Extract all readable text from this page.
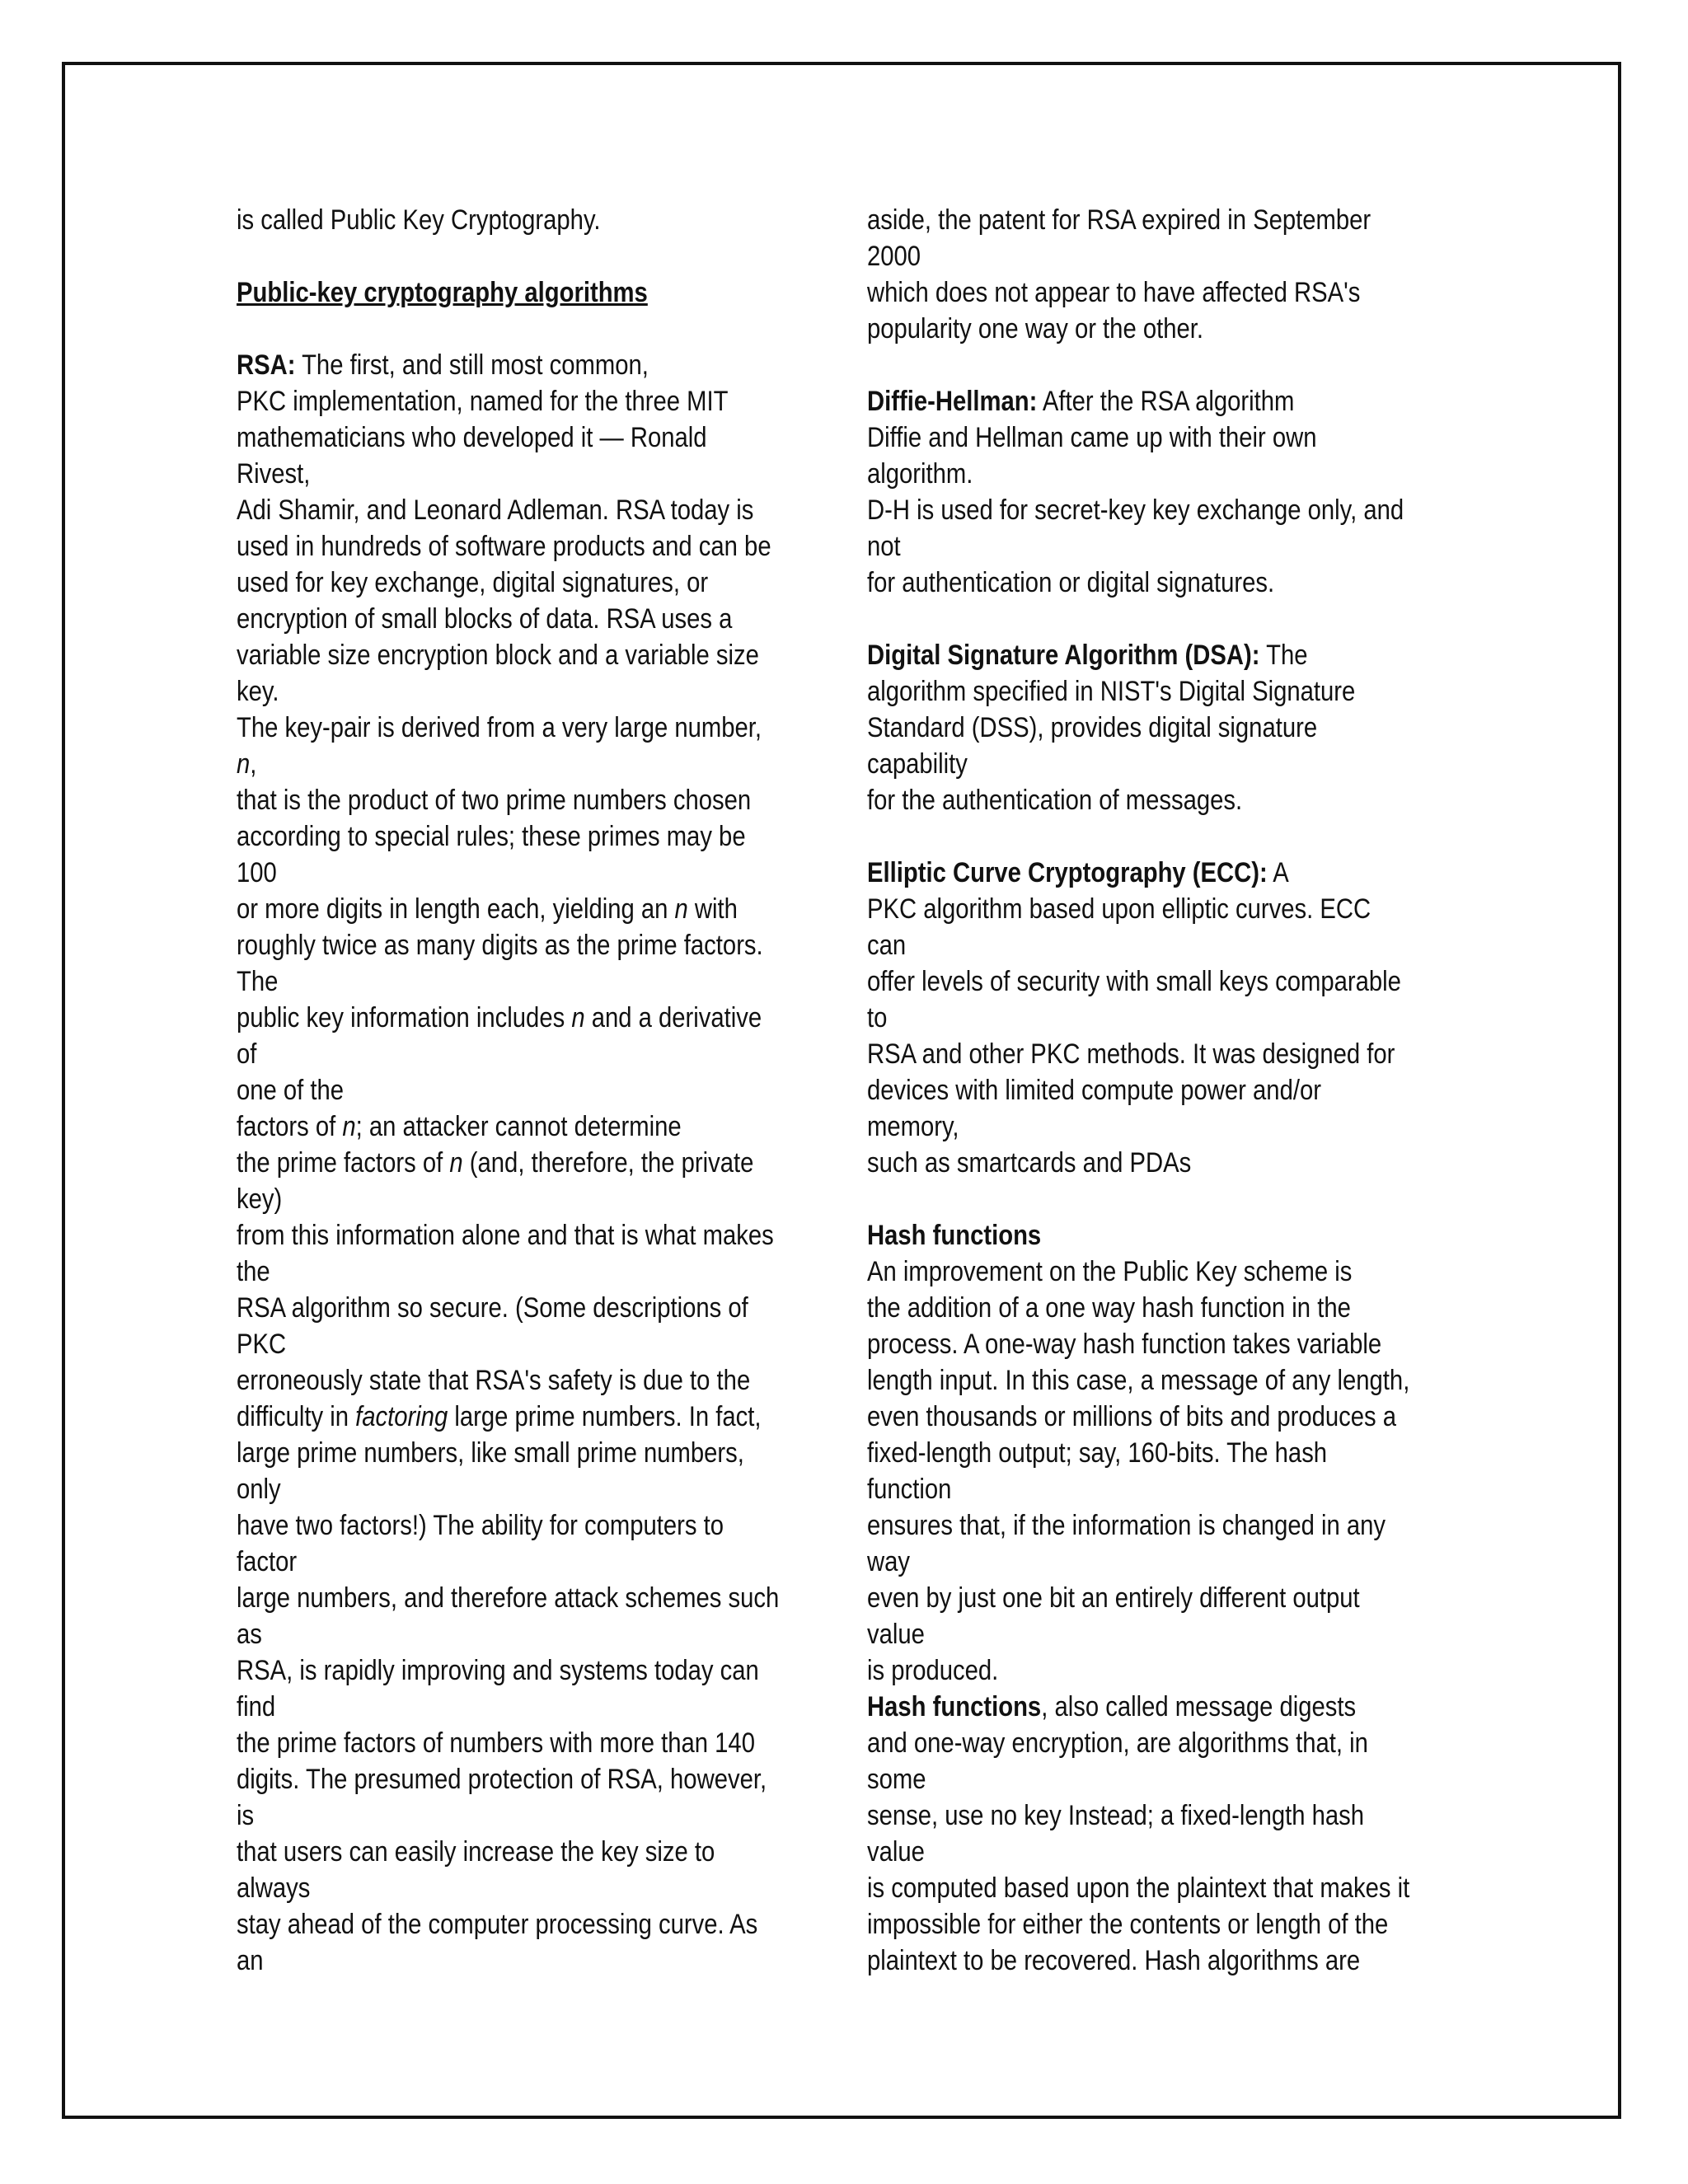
is called Public Key Cryptography.
Public-key cryptography algorithms
RSA: The first, and still most common,
PKC implementation, named for the three MIT
mathematicians who developed it — Ronald
Rivest,
Adi Shamir, and Leonard Adleman. RSA today is
used in hundreds of software products and can be
used for key exchange, digital signatures, or
encryption of small blocks of data. RSA uses a
variable size encryption block and a variable size
key.
The key-pair is derived from a very large number,
n,
that is the product of two prime numbers chosen
according to special rules; these primes may be
100
or more digits in length each, yielding an n with
roughly twice as many digits as the prime factors.
The
public key information includes n and a derivative
of
one of the
factors of n; an attacker cannot determine
the prime factors of n (and, therefore, the private
key)
from this information alone and that is what makes
the
RSA algorithm so secure. (Some descriptions of
PKC
erroneously state that RSA's safety is due to the
difficulty in factoring large prime numbers. In fact,
large prime numbers, like small prime numbers,
only
have two factors!) The ability for computers to
factor
large numbers, and therefore attack schemes such
as
RSA, is rapidly improving and systems today can
find
the prime factors of numbers with more than 140
digits. The presumed protection of RSA, however,
is
that users can easily increase the key size to
always
stay ahead of the computer processing curve. As
an
aside, the patent for RSA expired in September
2000
which does not appear to have affected RSA's
popularity one way or the other.
Diffie-Hellman: After the RSA algorithm
Diffie and Hellman came up with their own
algorithm.
D-H is used for secret-key key exchange only, and
not
for authentication or digital signatures.
Digital Signature Algorithm (DSA): The
algorithm specified in NIST's Digital Signature
Standard (DSS), provides digital signature
capability
for the authentication of messages.
Elliptic Curve Cryptography (ECC): A
PKC algorithm based upon elliptic curves. ECC
can
offer levels of security with small keys comparable
to
RSA and other PKC methods. It was designed for
devices with limited compute power and/or
memory,
such as smartcards and PDAs
Hash functions
An improvement on the Public Key scheme is
the addition of a one way hash function in the
process. A one-way hash function takes variable
length input. In this case, a message of any length,
even thousands or millions of bits and produces a
fixed-length output; say, 160-bits. The hash
function
ensures that, if the information is changed in any
way
even by just one bit an entirely different output
value
is produced.
Hash functions, also called message digests
and one-way encryption, are algorithms that, in
some
sense, use no key Instead; a fixed-length hash
value
is computed based upon the plaintext that makes it
impossible for either the contents or length of the
plaintext to be recovered. Hash algorithms are
